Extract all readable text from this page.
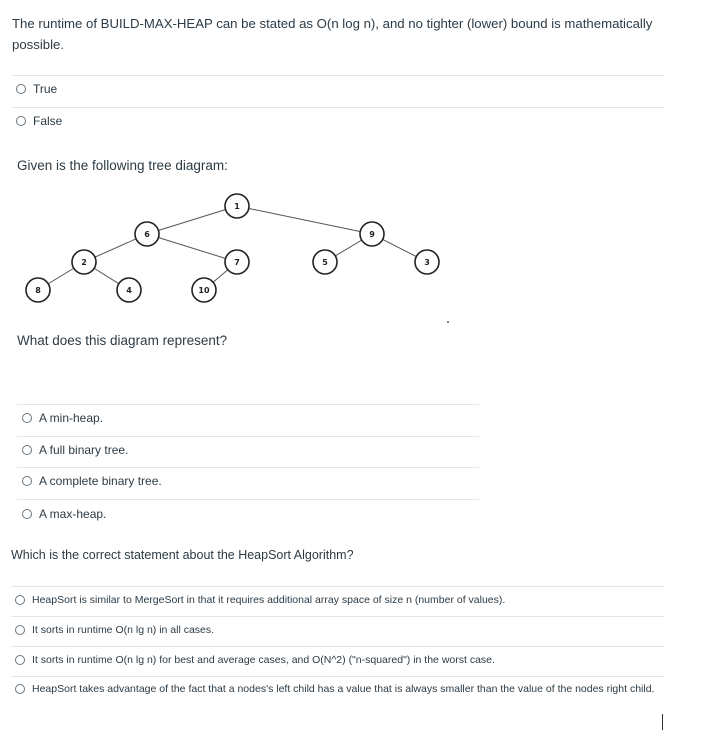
The runtime of BUILD-MAX-HEAP can be stated as O(n log n), and no tighter (lower) bound is mathematically possible.
True
False
Given is the following tree diagram:
1
6	9
2	7	5	3
8	4	10
What does this diagram represent?
A min-heap.
A full binary tree.
A complete binary tree.
A max-heap.
Which is the correct statement about the HeapSort Algorithm?
HeapSort is similar to MergeSort in that it requires additional array space of size n (number of values).
It sorts in runtime O(n lg n) in all cases.
It sorts in runtime O(n lg n) for best and average cases, and O(N^2) ("n-squared") in the worst case.
HeapSort takes advantage of the fact that a nodes's left child has a value that is always smaller than the value of the nodes right child.
